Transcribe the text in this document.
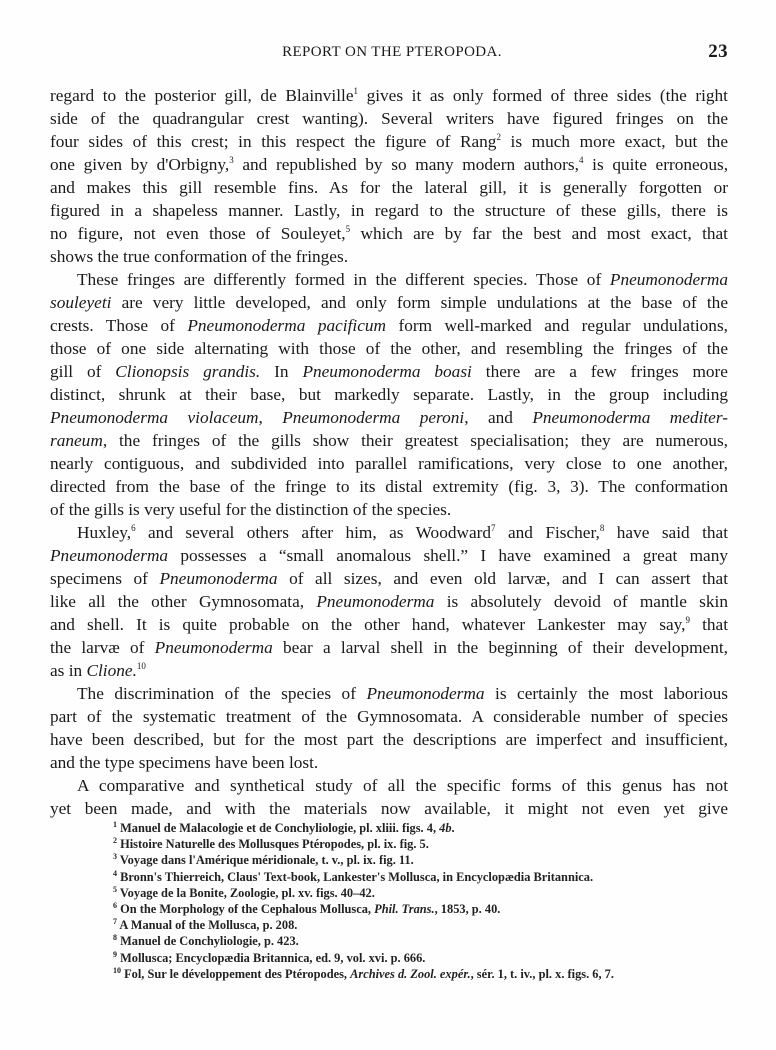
REPORT ON THE PTEROPODA.	23
regard to the posterior gill, de Blainville$^1$ gives it as only formed of three sides (the right
side of the quadrangular crest wanting). Several writers have figured fringes on the
four sides of this crest; in this respect the figure of Rang$^2$ is much more exact, but the
one given by d'Orbigny,$^3$ and republished by so many modern authors,$^4$ is quite erroneous,
and makes this gill resemble fins. As for the lateral gill, it is generally forgotten or
figured in a shapeless manner. Lastly, in regard to the structure of these gills, there is
no figure, not even those of Souleyet,$^5$ which are by far the best and most exact, that
shows the true conformation of the fringes.
These fringes are differently formed in the different species. Those of Pneumonoderma
souleyeti are very little developed, and only form simple undulations at the base of the
crests. Those of Pneumonoderma pacificum form well-marked and regular undulations,
those of one side alternating with those of the other, and resembling the fringes of the
gill of Clionopsis grandis. In Pneumonoderma boasi there are a few fringes more
distinct, shrunk at their base, but markedly separate. Lastly, in the group including
Pneumonoderma violaceum, Pneumonoderma peroni, and Pneumonoderma mediter-
raneum, the fringes of the gills show their greatest specialisation; they are numerous,
nearly contiguous, and subdivided into parallel ramifications, very close to one another,
directed from the base of the fringe to its distal extremity (fig. 3, 3). The conformation
of the gills is very useful for the distinction of the species.
Huxley,$^6$ and several others after him, as Woodward$^7$ and Fischer,$^8$ have said that
Pneumonoderma possesses a “small anomalous shell.” I have examined a great many
specimens of Pneumonoderma of all sizes, and even old larvæ, and I can assert that
like all the other Gymnosomata, Pneumonoderma is absolutely devoid of mantle skin
and shell. It is quite probable on the other hand, whatever Lankester may say,$^9$ that
the larvæ of Pneumonoderma bear a larval shell in the beginning of their development,
as in Clione.$^{10}$
The discrimination of the species of Pneumonoderma is certainly the most laborious
part of the systematic treatment of the Gymnosomata. A considerable number of species
have been described, but for the most part the descriptions are imperfect and insufficient,
and the type specimens have been lost.
A comparative and synthetical study of all the specific forms of this genus has not
yet been made, and with the materials now available, it might not even yet give
$^1$ Manuel de Malacologie et de Conchyliologie, pl. xliii. figs. 4, 4b.
$^2$ Histoire Naturelle des Mollusques Ptéropodes, pl. ix. fig. 5.
$^3$ Voyage dans l'Amérique méridionale, t. v., pl. ix. fig. 11.
$^4$ Bronn's Thierreich, Claus' Text-book, Lankester's Mollusca, in Encyclopædia Britannica.
$^5$ Voyage de la Bonite, Zoologie, pl. xv. figs. 40–42.
$^6$ On the Morphology of the Cephalous Mollusca, Phil. Trans., 1853, p. 40.
$^7$ A Manual of the Mollusca, p. 208.
$^8$ Manuel de Conchyliologie, p. 423.
$^9$ Mollusca; Encyclopædia Britannica, ed. 9, vol. xvi. p. 666.
$^{10}$ Fol, Sur le développement des Ptéropodes, Archives d. Zool. expér., sér. 1, t. iv., pl. x. figs. 6, 7.
